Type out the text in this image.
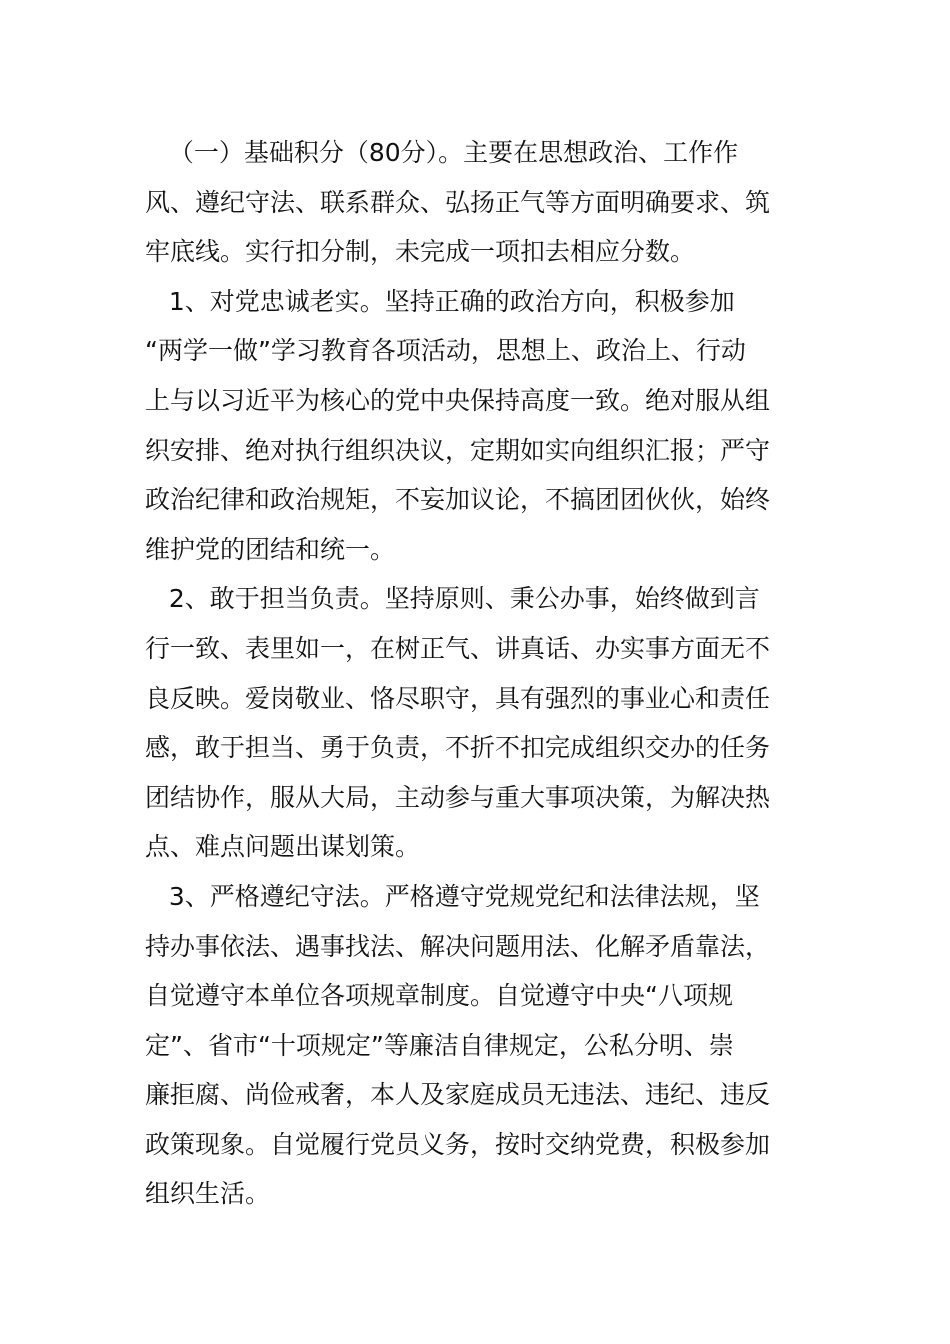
（一）基础积分（80分）。主要在思想政治、工作作
风、遵纪守法、联系群众、弘扬正气等方面明确要求、筑
牢底线。实行扣分制，未完成一项扣去相应分数。
1、对党忠诚老实。坚持正确的政治方向，积极参加
“两学一做”学习教育各项活动，思想上、政治上、行动
上与以习近平为核心的党中央保持高度一致。绝对服从组
织安排、绝对执行组织决议，定期如实向组织汇报；严守
政治纪律和政治规矩，不妄加议论，不搞团团伙伙，始终
维护党的团结和统一。
2、敢于担当负责。坚持原则、秉公办事，始终做到言
行一致、表里如一，在树正气、讲真话、办实事方面无不
良反映。爱岗敬业、恪尽职守，具有强烈的事业心和责任
感，敢于担当、勇于负责，不折不扣完成组织交办的任务
团结协作，服从大局，主动参与重大事项决策，为解决热
点、难点问题出谋划策。
3、严格遵纪守法。严格遵守党规党纪和法律法规，坚
持办事依法、遇事找法、解决问题用法、化解矛盾靠法，
自觉遵守本单位各项规章制度。自觉遵守中央“八项规
定”、省市“十项规定”等廉洁自律规定，公私分明、崇
廉拒腐、尚俭戒奢，本人及家庭成员无违法、违纪、违反
政策现象。自觉履行党员义务，按时交纳党费，积极参加
组织生活。
